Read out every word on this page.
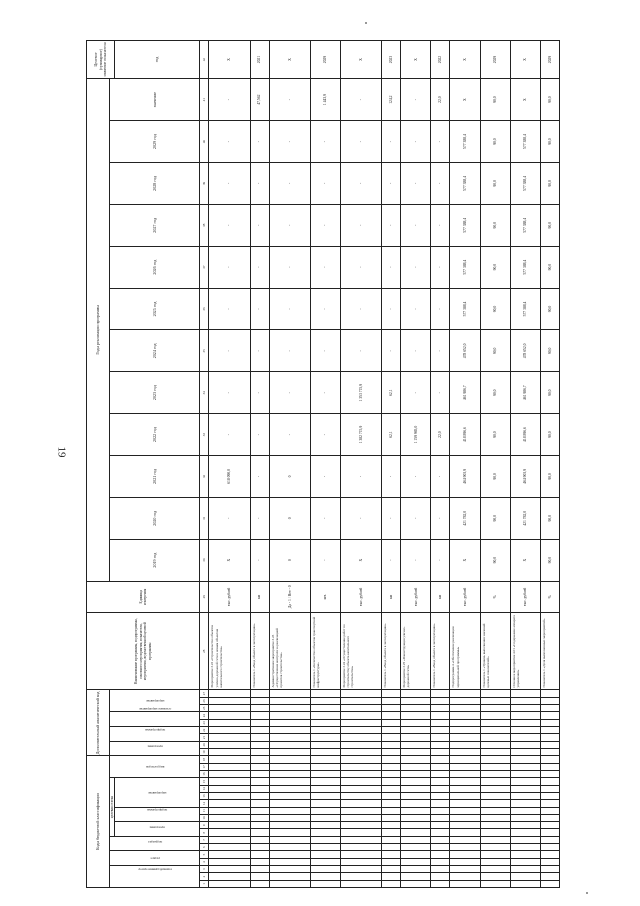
19
Коды бюджетной классификации																		Дополнительный аналитический код									Наименование программы, подпрограммы, основного мероприятия, показателя, мероприятия, ведомственной целевой программы	Единица измерения	Годы реализации программы												Целевое (суммарное) значение показателя
главный администратор			раздел		подраздел		целевая статья								вид расходов			программа		подпрограмма		основное мероприятие		мероприятие					2019 год	2020 год	2021 год	2022 год	2023 год	2024 год	2025 год	2026 год	2027 год	2028 год	2029 год	значение	
							программа		подпрограмма		мероприятие																														год
1	2	3	4	5	6	7	8	9	10	11	12	13	14	15	16	17	18	19	20	21	22	23	24	25	26	27	28	29	30	31	32	33	34	35	36	37	38	39	40	41	42
																											Мероприятие 3.22 «Строительство объектов улично-дорожной сети к новым объектам капитального строительства»	тыс. рублей	X	-	618 090,0	-	-	-	-	-	-	-	-	-	X
																											Показатель 1 «Ввод объекта в эксплуатацию»	км	-	-	-	-	-	-	-	-	-	-	-	47,562	2021
																											Административное мероприятие 3.23 «Осуществление контроля за реализацией проектов строительства»	Да - 1 / Нет - 0	0	0	0	-	-	-	-	-	-	-	-	-	X
																											Показатель 1 «Количество объектов транспортной инфраструктуры»	шт.	-	-	-	-	-	-	-	-	-	-	-	1 443,9	2029
																											Мероприятие 3.24 «Осуществление работ по строительству объекта капитального строительства»	тыс. рублей	X	-	-	1 382 715,9	1 353 715,9	-	-	-	-	-	-	-	X
																											Показатель 1 «Ввод объекта в эксплуатацию»	км	-	-	-	62,1	62,1	-	-	-	-	-	-	124,2	2023
																											Мероприятие 3.25 «Реконструкция улично-дорожной сети»	тыс. рублей	-	-	-	1 159 965,0	-	-	-	-	-	-	-	-	X
																											Показатель 1 «Ввод объекта в эксплуатацию»	км	-	-	-	22,0	-	-	-	-	-	-	-	22,0	2022
																											Подпрограмма 4 «Обеспечение реализации муниципальной программы»	тыс. рублей	X	421 782,0	464 903,9	418 896,6	461 986,7	478 652,0	577 388,4	577 388,4	577 388,4	577 388,4	577 388,4	X	X
																											Показатель 1 «Уровень выполнения значений целевых показателей»	%	90,0	90,0	90,0	90,0	90,0	90,0	90,0	90,0	90,0	90,0	90,0	90,0	2029
																											Основное мероприятие 4.01 «Содержание аппарата управления»	тыс. рублей	X	421 782,0	464 903,9	418 896,6	461 986,7	478 652,0	577 388,4	577 388,4	577 388,4	577 388,4	577 388,4	X	X
																											Показатель 1 «Доля выполненных мероприятий»	%	90,0	90,0	90,0	90,0	90,0	90,0	90,0	90,0	90,0	90,0	90,0	90,0	2029
